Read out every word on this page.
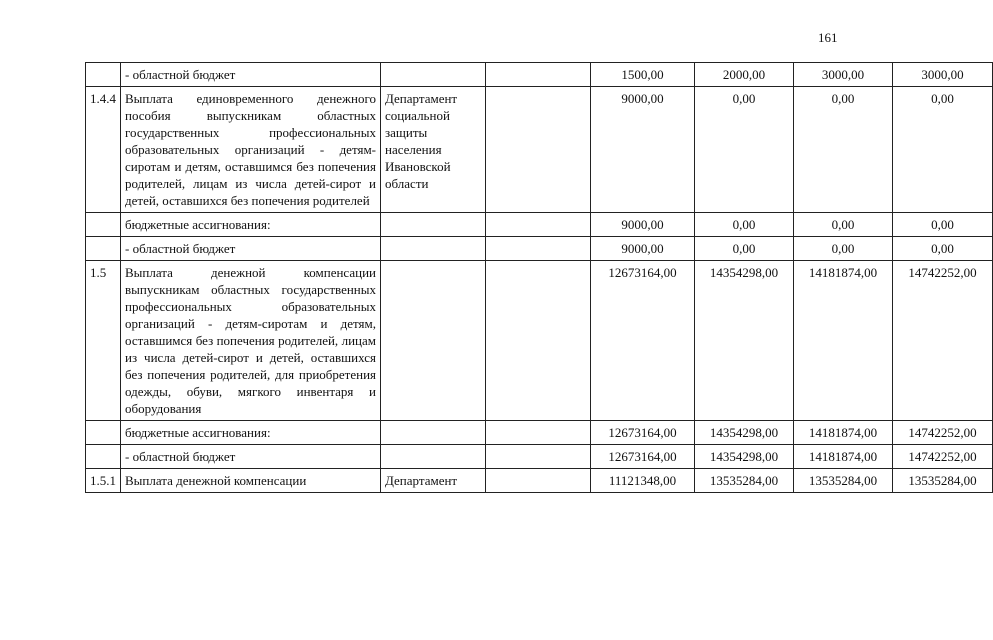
161
	- областной бюджет			1500,00	2000,00	3000,00	3000,00
1.4.4	Выплата единовременного денежного пособия выпускникам областных государственных профессиональных образовательных организаций - детям-сиротам и детям, оставшимся без попечения родителей, лицам из числа детей-сирот и детей, оставшихся без попечения родителей	Департамент социальной защиты населения Ивановской области		9000,00	0,00	0,00	0,00
	бюджетные ассигнования:			9000,00	0,00	0,00	0,00
	- областной бюджет			9000,00	0,00	0,00	0,00
1.5	Выплата денежной компенсации выпускникам областных государственных профессиональных образовательных организаций - детям-сиротам и детям, оставшимся без попечения родителей, лицам из числа детей-сирот и детей, оставшихся без попечения родителей, для приобретения одежды, обуви, мягкого инвентаря и оборудования			12673164,00	14354298,00	14181874,00	14742252,00
	бюджетные ассигнования:			12673164,00	14354298,00	14181874,00	14742252,00
	- областной бюджет			12673164,00	14354298,00	14181874,00	14742252,00
1.5.1	Выплата денежной компенсации	Департамент		11121348,00	13535284,00	13535284,00	13535284,00
